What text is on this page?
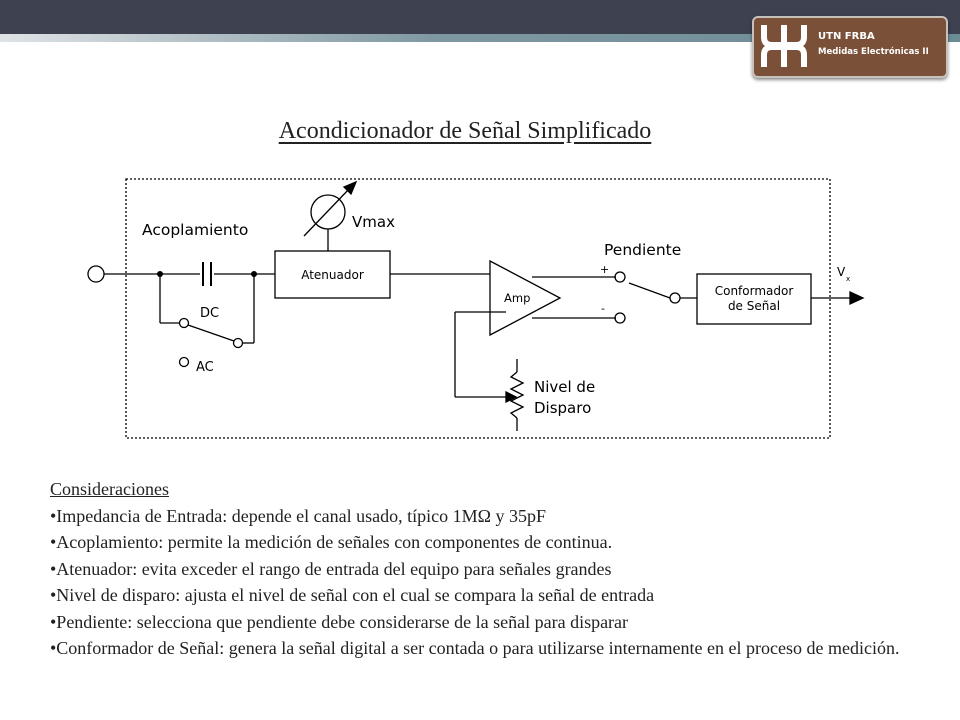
UTN FRBA
Medidas Electrónicas II
Acondicionador de Señal Simplificado
Acoplamiento	Vmax
Atenuador
DC
AC
Amp
Pendiente
+
-
Conformador
de Señal
V x
Nivel de
Disparo
Consideraciones

•Impedancia de Entrada: depende el canal usado, típico 1MΩ y 35pF

•Acoplamiento: permite la medición de señales con componentes de continua.

•Atenuador: evita exceder el rango de entrada del equipo para señales grandes

•Nivel de disparo: ajusta el nivel de señal con el cual se compara la señal de entrada

•Pendiente: selecciona que pendiente debe considerarse de la señal para disparar

•Conformador de Señal: genera la señal digital a ser contada o para utilizarse internamente en el proceso de medición.
